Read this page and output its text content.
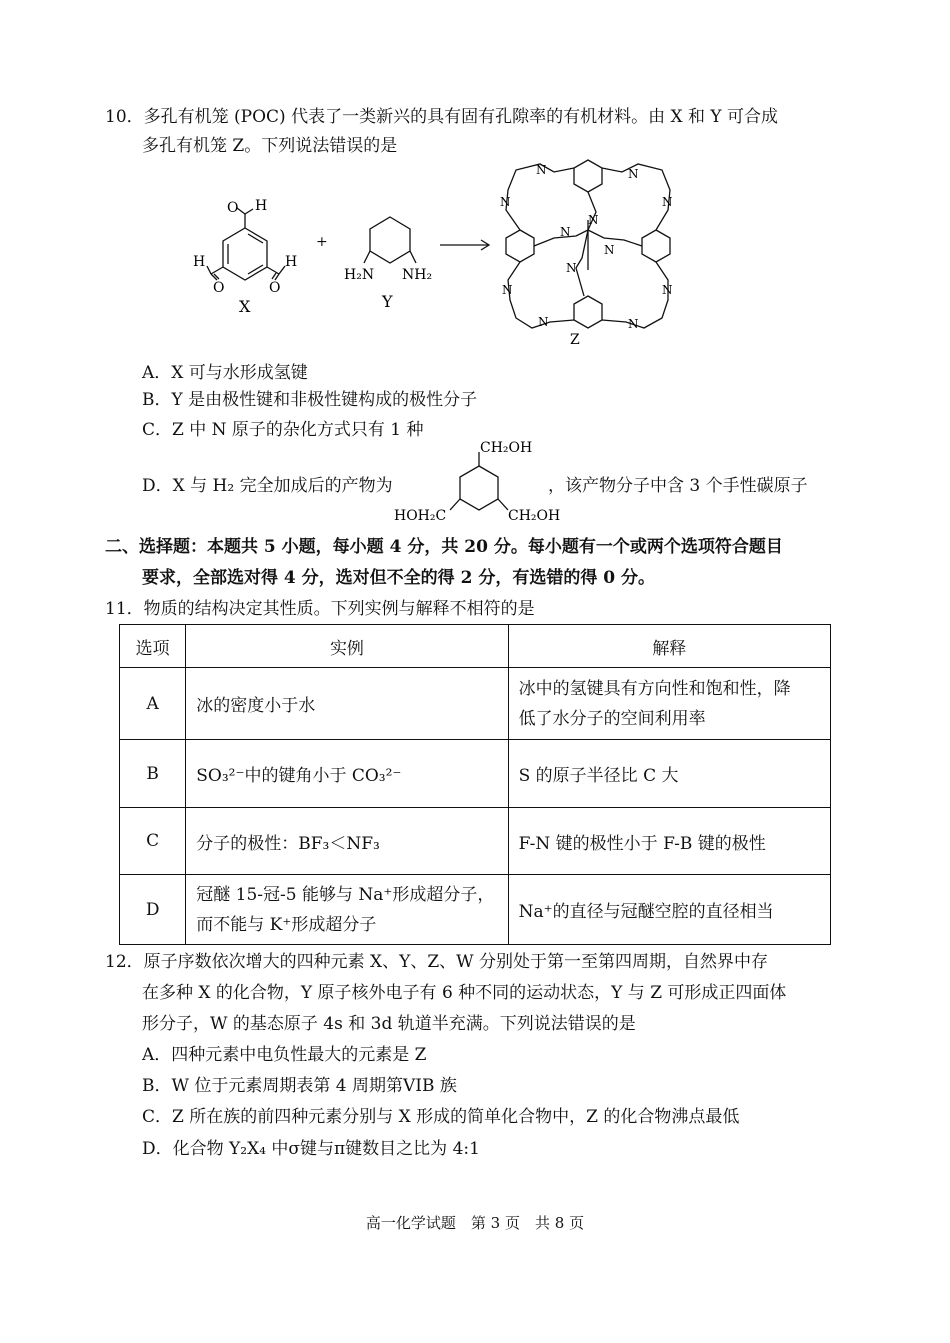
10．多孔有机笼 (POC) 代表了一类新兴的具有固有孔隙率的有机材料。由 X 和 Y 可合成
多孔有机笼 Z。下列说法错误的是
O H
H
O
H
O
X
+
H₂N NH₂
Y
N	N
N	N
N
N
N
N
N	N
N	N
Z
A．X 可与水形成氢键
B．Y 是由极性键和非极性键构成的极性分子
C．Z 中 N 原子的杂化方式只有 1 种
D．X 与 H₂ 完全加成后的产物为
CH₂OH
HOH₂C	CH₂OH
，该产物分子中含 3 个手性碳原子
二、选择题：本题共 5 小题，每小题 4 分，共 20 分。每小题有一个或两个选项符合题目
要求，全部选对得 4 分，选对但不全的得 2 分，有选错的得 0 分。
11．物质的结构决定其性质。下列实例与解释不相符的是
选项	实例	解释
A	冰的密度小于水	冰中的氢键具有方向性和饱和性，降
低了水分子的空间利用率

B	SO₃²⁻中的键角小于 CO₃²⁻	S 的原子半径比 C 大
C	分子的极性：BF₃＜NF₃	F-N 键的极性小于 F-B 键的极性
D	冠醚 15-冠-5 能够与 Na⁺形成超分子，
而不能与 K⁺形成超分子	Na⁺的直径与冠醚空腔的直径相当
12．原子序数依次增大的四种元素 X、Y、Z、W 分别处于第一至第四周期，自然界中存
在多种 X 的化合物，Y 原子核外电子有 6 种不同的运动状态，Y 与 Z 可形成正四面体
形分子，W 的基态原子 4s 和 3d 轨道半充满。下列说法错误的是
A．四种元素中电负性最大的元素是 Z
B．W 位于元素周期表第 4 周期第VIB 族
C．Z 所在族的前四种元素分别与 X 形成的简单化合物中，Z 的化合物沸点最低
D．化合物 Y₂X₄ 中σ键与π键数目之比为 4:1
高一化学试题　第 3 页　共 8 页
